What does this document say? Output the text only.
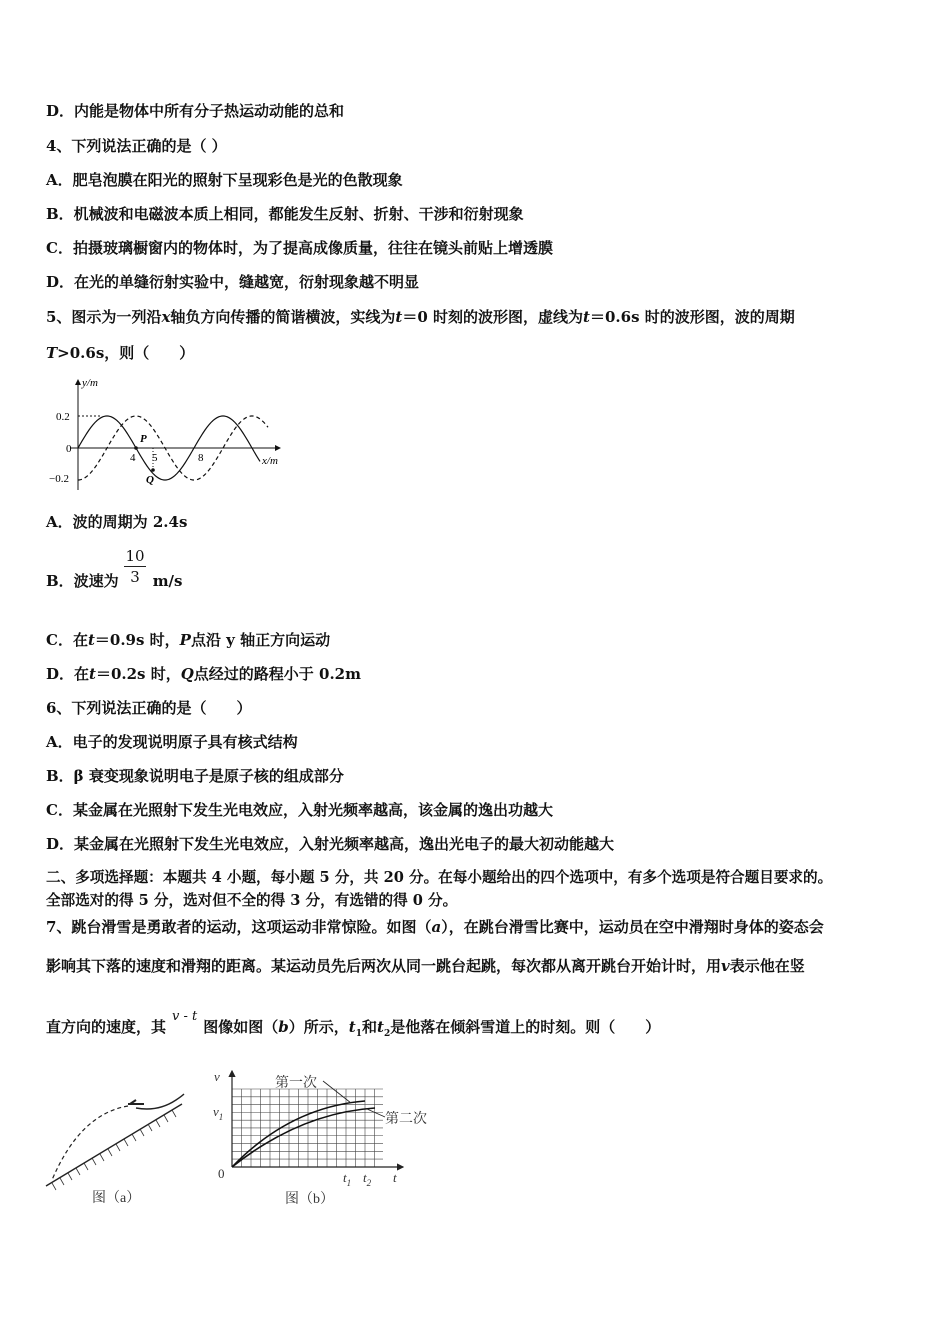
D．内能是物体中所有分子热运动动能的总和
4、下列说法正确的是（ ）
A．肥皂泡膜在阳光的照射下呈现彩色是光的色散现象
B．机械波和电磁波本质上相同，都能发生反射、折射、干涉和衍射现象
C．拍摄玻璃橱窗内的物体时，为了提高成像质量，往往在镜头前贴上增透膜
D．在光的单缝衍射实验中，缝越宽，衍射现象越不明显
5、图示为一列沿x轴负方向传播的简谐横波，实线为t＝0 时刻的波形图，虚线为t＝0.6s 时的波形图，波的周期
T>0.6s，则（　　）
y/m
x/m
0.2
0
−0.2
4 5	8
P
Q
A．波的周期为 2.4s
B．波速为 m/s
10
3
C．在t＝0.9s 时，P点沿 y 轴正方向运动
D．在t＝0.2s 时，Q点经过的路程小于 0.2m
6、下列说法正确的是（　　）
A．电子的发现说明原子具有核式结构
B．β 衰变现象说明电子是原子核的组成部分
C．某金属在光照射下发生光电效应，入射光频率越高，该金属的逸出功越大
D．某金属在光照射下发生光电效应，入射光频率越高，逸出光电子的最大初动能越大
二、多项选择题：本题共 4 小题，每小题 5 分，共 20 分。在每小题给出的四个选项中，有多个选项是符合题目要求的。
全部选对的得 5 分，选对但不全的得 3 分，有选错的得 0 分。
7、跳台滑雪是勇敢者的运动，这项运动非常惊险。如图（a），在跳台滑雪比赛中，运动员在空中滑翔时身体的姿态会
影响其下落的速度和滑翔的距离。某运动员先后两次从同一跳台起跳，每次都从离开跳台开始计时，用v表示他在竖
直方向的速度，其v - t图像如图（b）所示，$t_1$和$t_2$是他落在倾斜雪道上的时刻。则（　　）
图（a）
v
t
0
$v_1$
$t_1$ $t_2$
第一次
第二次
图（b）
